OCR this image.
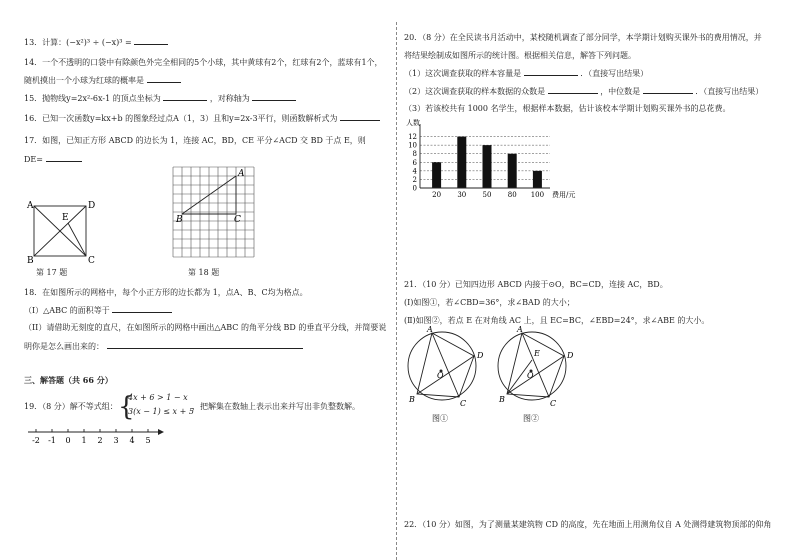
13．计算：(−x²)³ ÷ (−x)³ =
14．一个不透明的口袋中有除颜色外完全相同的5个小球，其中黄球有2个，红球有2个，蓝球有1个，
随机摸出一个小球为红球的概率是
15．抛物线y=2x²-6x-1 的顶点坐标为	，对称轴为
16．已知一次函数y=kx+b 的图象经过点A（1，3）且和y=2x-3平行，则函数解析式为
17．如图，已知正方形 ABCD 的边长为 1，连接 AC，BD，CE 平分∠ACD 交 BD 于点 E，则
DE=
A	D
E
B	C
第 17 题
A
B	C
第 18 题
18．在如图所示的网格中，每个小正方形的边长都为 1，点A、B、C均为格点。
（I）△ABC 的面积等于
（II）请借助无刻度的直尺，在如图所示的网格中画出△ABC 的角平分线 BD 的垂直平分线，并简要说
明你是怎么画出来的：
三、解答题（共 66 分）
19．（8 分）解不等式组： {
4x + 6 > 1 − x
3(x − 1) ≤ x + 5
，把解集在数轴上表示出来并写出非负整数解。
-2 -1 0 1 2 3 4 5
20．（8 分）在全民读书月活动中，某校随机调查了部分同学，本学期计划购买课外书的费用情况，并
将结果绘制成如图所示的统计图。根据相关信息，解答下列问题。
（1）这次调查获取的样本容量是	．（直接写出结果）
（2）这次调查获取的样本数据的众数是	，中位数是	．（直接写出结果）
（3）若该校共有 1000 名学生，根据样本数据，估计该校本学期计划购买课外书的总花费。
人数
0
2
4
6
8
10
12
20 30 50 80 100 费用/元
21．（10 分）已知四边形 ABCD 内接于⊙O，BC=CD，连接 AC，BD。
(Ⅰ)如图①，若∠CBD=36°，求∠BAD 的大小；
(Ⅱ)如图②，若点 E 在对角线 AC 上，且 EC=BC，∠EBD=24°，求∠ABE 的大小。
A
D
O
B	C
图①
A
E	D
O
B	C
图②
22．（10 分）如图，为了测量某建筑物 CD 的高度，先在地面上用测角仪自 A 处测得建筑物顶部的仰角
